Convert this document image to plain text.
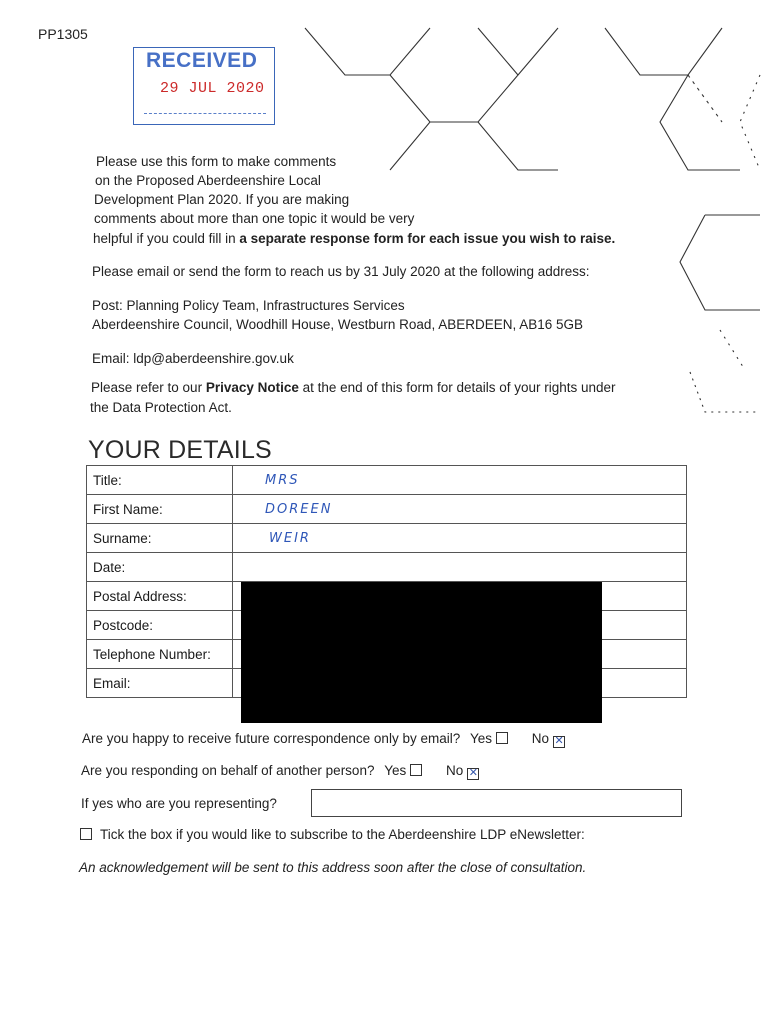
PP1305
RECEIVED
29 JUL 2020
Please use this form to make comments
on the Proposed Aberdeenshire Local
Development Plan 2020. If you are making
comments about more than one topic it would be very
helpful if you could fill in a separate response form for each issue you wish to raise.
Please email or send the form to reach us by 31 July 2020 at the following address:
Post: Planning Policy Team, Infrastructures Services
Aberdeenshire Council, Woodhill House, Westburn Road, ABERDEEN, AB16 5GB
Email: ldp@aberdeenshire.gov.uk
Please refer to our Privacy Notice at the end of this form for details of your rights under
the Data Protection Act.
YOUR DETAILS
Title:	MRS
First Name:	DOREEN
Surname:	WEIR
Date:	
Postal Address:	
Postcode:	
Telephone Number:	
Email:	
Are you happy to receive future correspondence only by email? Yes	No ✕
Are you responding on behalf of another person? Yes	No ✕
If yes who are you representing?
Tick the box if you would like to subscribe to the Aberdeenshire LDP eNewsletter:
An acknowledgement will be sent to this address soon after the close of consultation.
